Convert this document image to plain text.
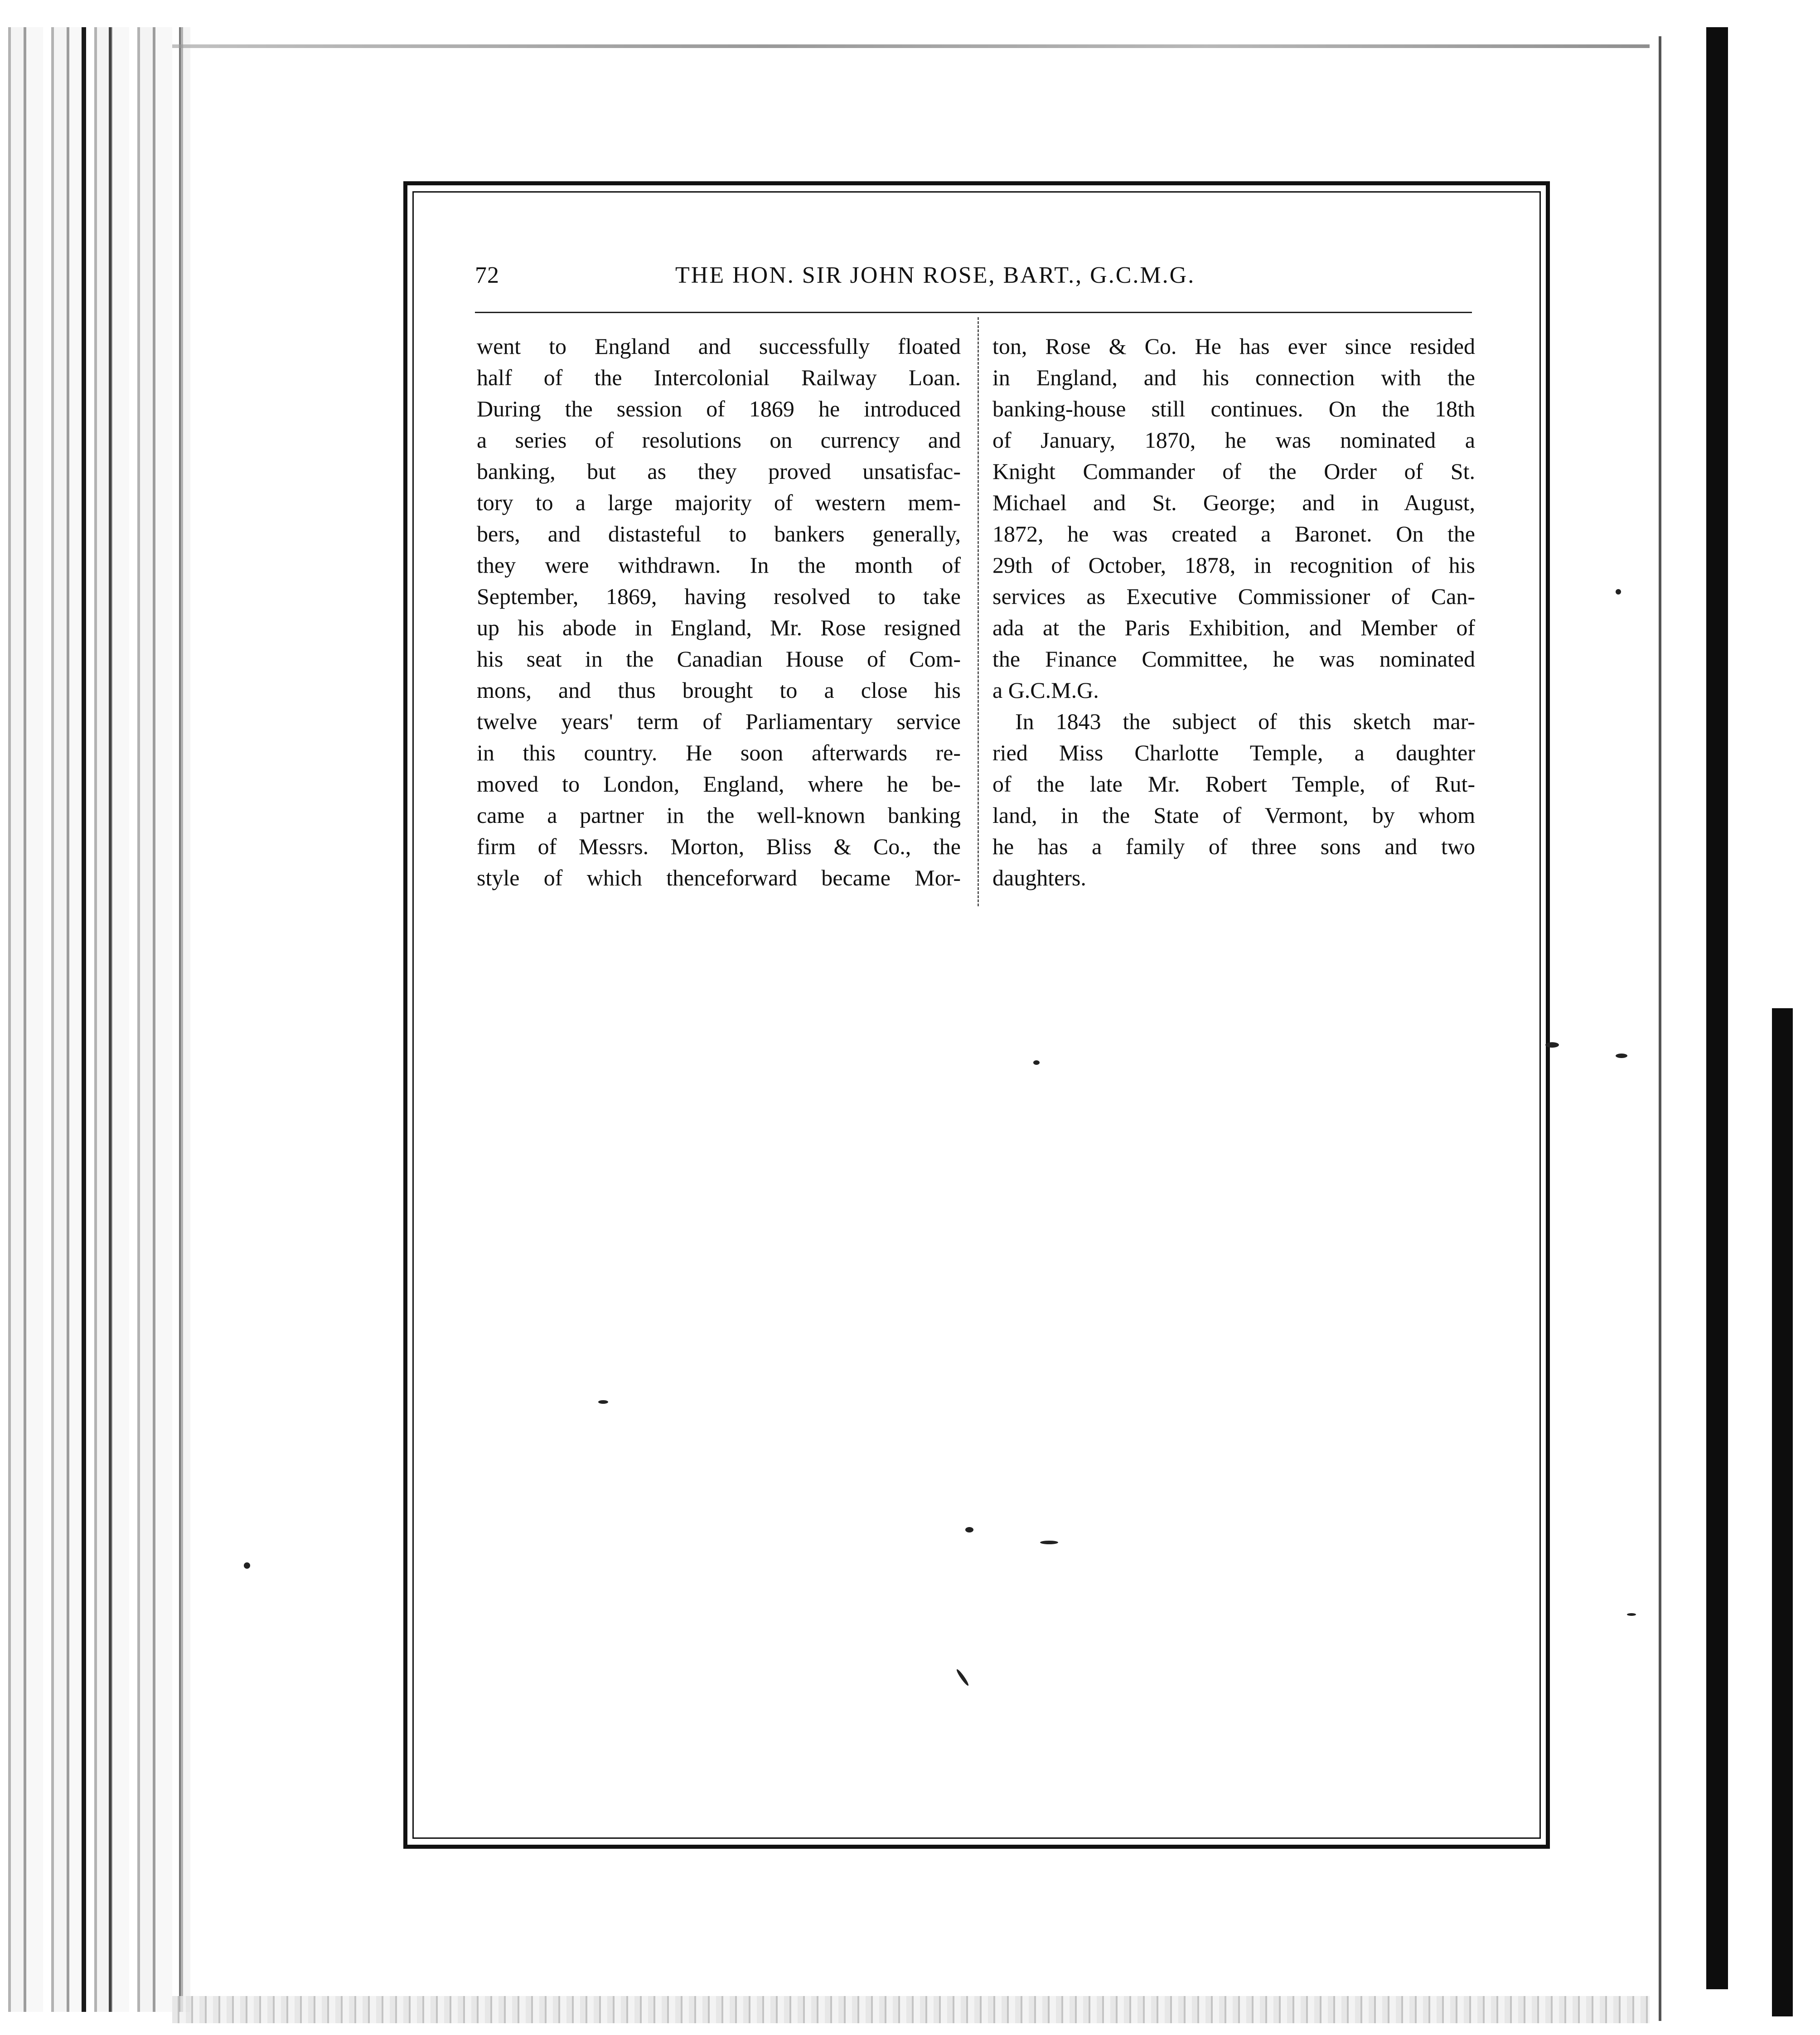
72	THE HON. SIR JOHN ROSE, BART., G.C.M.G.
went to England and successfully floated
half of the Intercolonial Railway Loan.
During the session of 1869 he introduced
a series of resolutions on currency and
banking, but as they proved unsatisfac-
tory to a large majority of western mem-
bers, and distasteful to bankers generally,
they were withdrawn. In the month of
September, 1869, having resolved to take
up his abode in England, Mr. Rose resigned
his seat in the Canadian House of Com-
mons, and thus brought to a close his
twelve years' term of Parliamentary service
in this country. He soon afterwards re-
moved to London, England, where he be-
came a partner in the well-known banking
firm of Messrs. Morton, Bliss & Co., the
style of which thenceforward became Mor-
ton, Rose & Co. He has ever since resided
in England, and his connection with the
banking-house still continues. On the 18th
of January, 1870, he was nominated a
Knight Commander of the Order of St.
Michael and St. George; and in August,
1872, he was created a Baronet. On the
29th of October, 1878, in recognition of his
services as Executive Commissioner of Can-
ada at the Paris Exhibition, and Member of
the Finance Committee, he was nominated
a G.C.M.G.
In 1843 the subject of this sketch mar-
ried Miss Charlotte Temple, a daughter
of the late Mr. Robert Temple, of Rut-
land, in the State of Vermont, by whom
he has a family of three sons and two
daughters.
